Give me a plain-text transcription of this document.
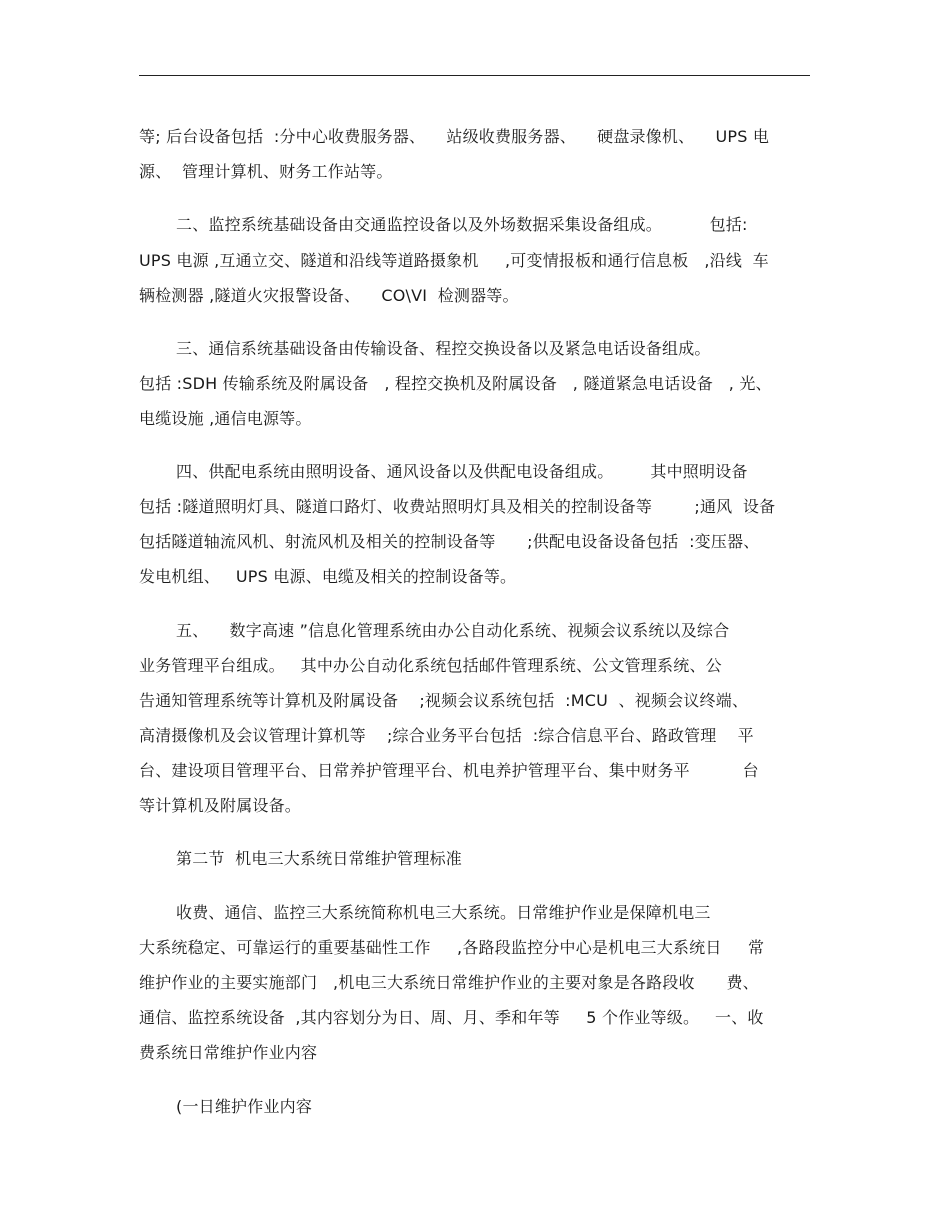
等; 后台设备包括  :分中心收费服务器、    站级收费服务器、    硬盘录像机、    UPS 电
源、  管理计算机、财务工作站等。
二、监控系统基础设备由交通监控设备以及外场数据采集设备组成。         包括:
UPS 电源 ,互通立交、隧道和沿线等道路摄象机     ,可变情报板和通行信息板   ,沿线  车
辆检测器 ,隧道火灾报警设备、    CO\VI  检测器等。
三、通信系统基础设备由传输设备、程控交换设备以及紧急电话设备组成。
包括 :SDH 传输系统及附属设备   , 程控交换机及附属设备   , 隧道紧急电话设备   , 光、
电缆设施 ,通信电源等。
四、供配电系统由照明设备、通风设备以及供配电设备组成。       其中照明设备
包括 :隧道照明灯具、隧道口路灯、收费站照明灯具及相关的控制设备等        ;通风  设备
包括隧道轴流风机、射流风机及相关的控制设备等      ;供配电设备设备包括  :变压器、
发电机组、   UPS 电源、电缆及相关的控制设备等。
五、    数字高速 ”信息化管理系统由办公自动化系统、视频会议系统以及综合
业务管理平台组成。   其中办公自动化系统包括邮件管理系统、公文管理系统、公
告通知管理系统等计算机及附属设备    ;视频会议系统包括  :MCU  、视频会议终端、
高清摄像机及会议管理计算机等    ;综合业务平台包括  :综合信息平台、路政管理    平
台、建设项目管理平台、日常养护管理平台、机电养护管理平台、集中财务平          台
等计算机及附属设备。
第二节  机电三大系统日常维护管理标准
收费、通信、监控三大系统简称机电三大系统。日常维护作业是保障机电三
大系统稳定、可靠运行的重要基础性工作     ,各路段监控分中心是机电三大系统日     常
维护作业的主要实施部门   ,机电三大系统日常维护作业的主要对象是各路段收      费、
通信、监控系统设备  ,其内容划分为日、周、月、季和年等     5 个作业等级。   一、收
费系统日常维护作业内容
(一日维护作业内容
